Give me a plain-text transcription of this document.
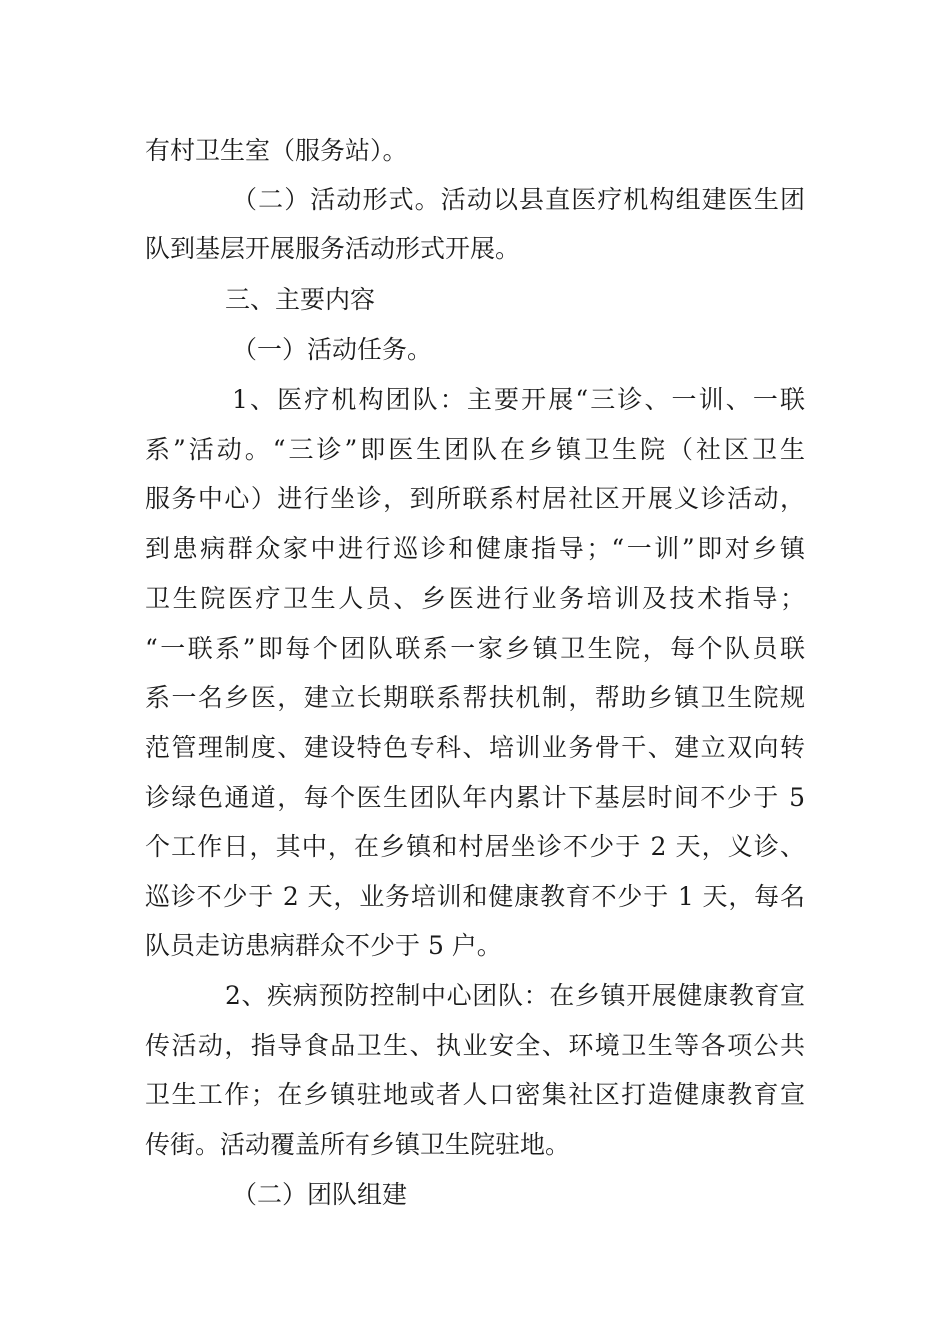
有村卫生室（服务站）。
（二）活动形式。活动以县直医疗机构组建医生团
队到基层开展服务活动形式开展。
三、主要内容
（一）活动任务。
1、医疗机构团队：主要开展“三诊、一训、一联
系”活动。“三诊”即医生团队在乡镇卫生院（社区卫生
服务中心）进行坐诊，到所联系村居社区开展义诊活动，
到患病群众家中进行巡诊和健康指导；“一训”即对乡镇
卫生院医疗卫生人员、乡医进行业务培训及技术指导；
“一联系”即每个团队联系一家乡镇卫生院，每个队员联
系一名乡医，建立长期联系帮扶机制，帮助乡镇卫生院规
范管理制度、建设特色专科、培训业务骨干、建立双向转
诊绿色通道，每个医生团队年内累计下基层时间不少于 5
个工作日，其中，在乡镇和村居坐诊不少于 2 天，义诊、
巡诊不少于 2 天，业务培训和健康教育不少于 1 天，每名
队员走访患病群众不少于 5 户。
2、疾病预防控制中心团队：在乡镇开展健康教育宣
传活动，指导食品卫生、执业安全、环境卫生等各项公共
卫生工作；在乡镇驻地或者人口密集社区打造健康教育宣
传街。活动覆盖所有乡镇卫生院驻地。
（二）团队组建
